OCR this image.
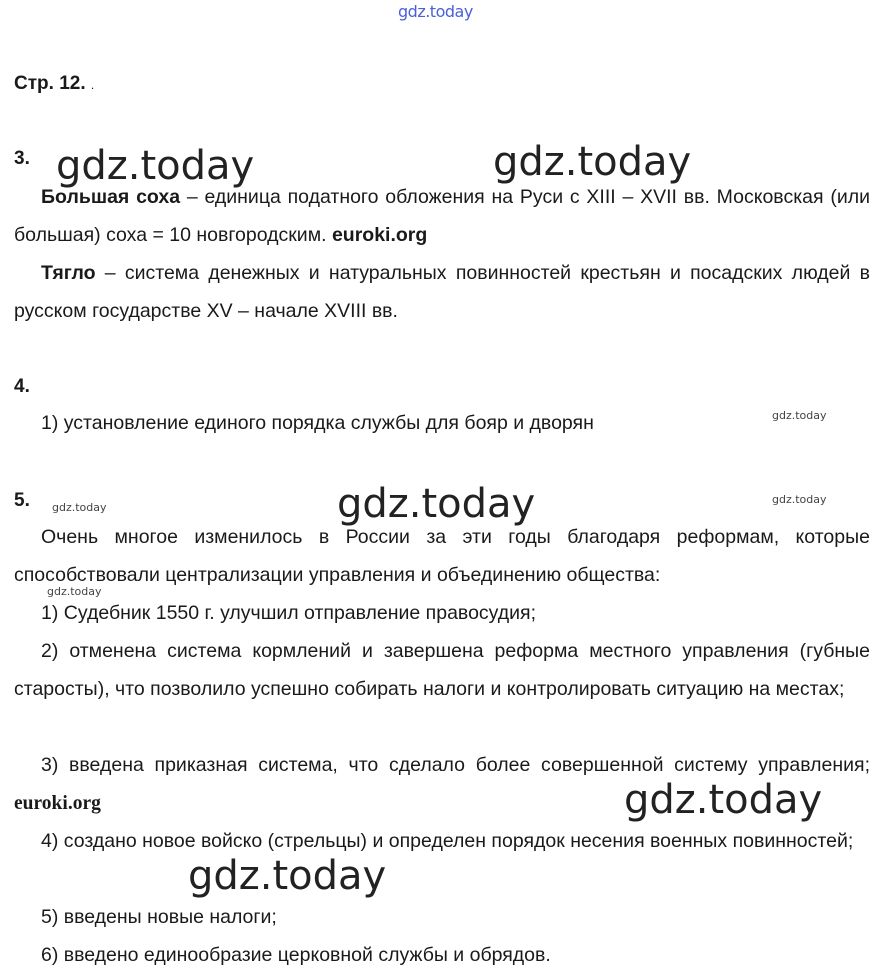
gdz.today
gdz.today	gdz.today
gdz.today
gdz.today
gdz.today
gdz.today
gdz.today
gdz.today
gdz.today
Стр. 12. .
3.
Большая соха – единица податного обложения на Руси с XIII – XVII вв. Московская (или большая) соха = 10 новгородским. euroki.org
Тягло – система денежных и натуральных повинностей крестьян и посадских людей в русском государстве XV – начале XVIII вв.
4.
1) установление единого порядка службы для бояр и дворян
5.
Очень многое изменилось в России за эти годы благодаря реформам, которые способствовали централизации управления и объединению общества:
1) Судебник 1550 г. улучшил отправление правосудия;
2) отменена система кормлений и завершена реформа местного управления (губные старосты), что позволило успешно собирать налоги и контролировать ситуацию на местах;
3) введена приказная система, что сделало более совершенной систему управления; euroki.org
4) создано новое войско (стрельцы) и определен порядок несения военных повинностей;
5) введены новые налоги;
6) введено единообразие церковной службы и обрядов.
